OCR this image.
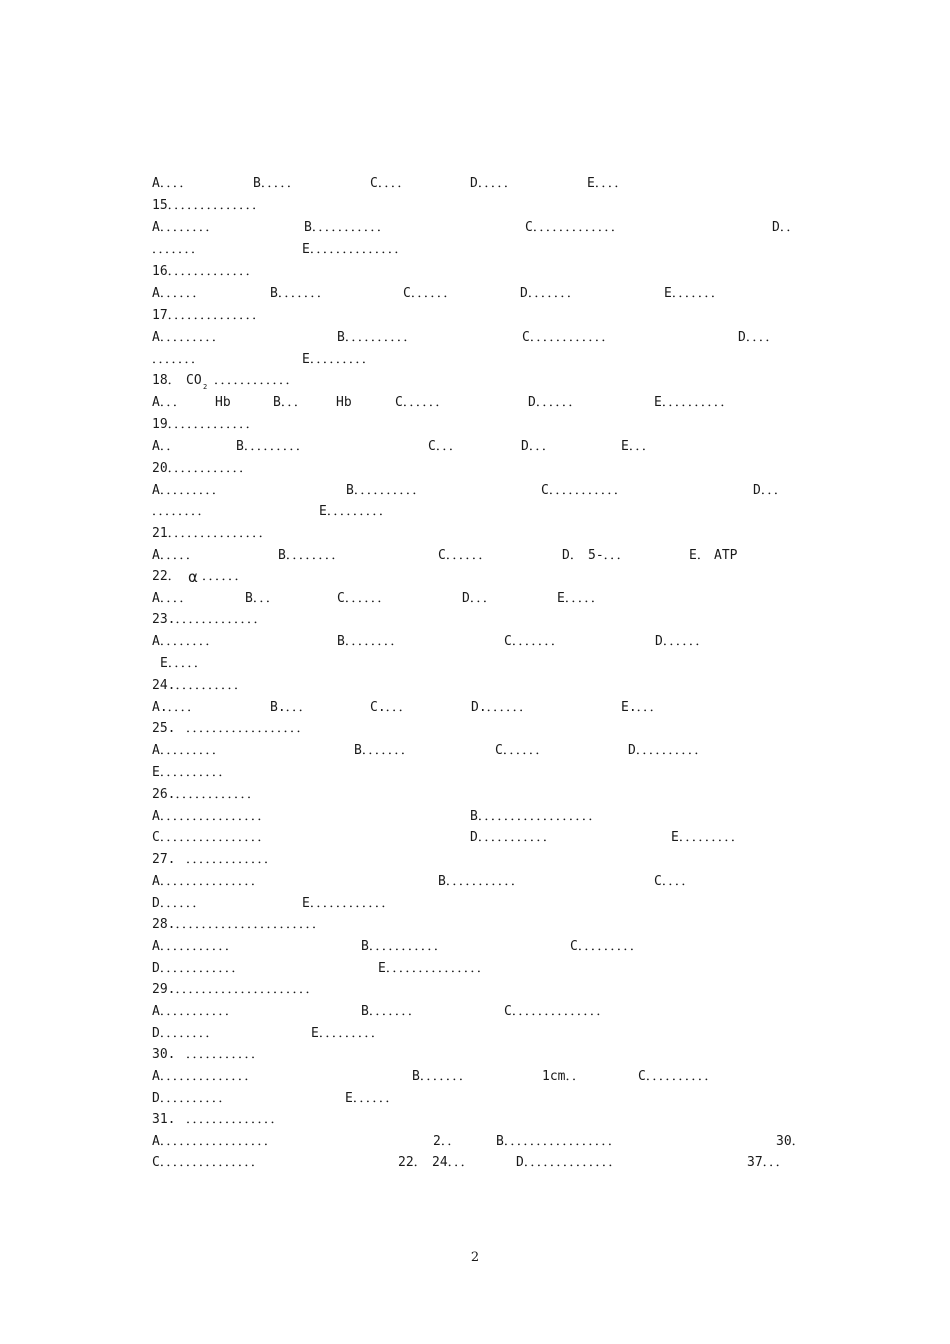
A．．．．	B．．．．．	C．．．．	D．．．．．	E．．．．
15．．．．．．．．．．．．．．
A．．．．．．．．	B．．．．．．．．．．．	C．．．．．．．．．．．．．	D．．
．．．．．．．	E．．．．．．．．．．．．．．
16．．．．．．．．．．．．．
A．．．．．．	B．．．．．．．	C．．．．．．	D．．．．．．．	E．．．．．．．
17．．．．．．．．．．．．．．
A．．．．．．．．．	B．．．．．．．．．．	C．．．．．．．．．．．．	D．．．．
．．．．．．．	E．．．．．．．．．
18． CO $_2$ ．．．．．．．．．．．．
A．．． Hb	B．．． Hb	C．．．．．．	D．．．．．．	E．．．．．．．．．．
19．．．．．．．．．．．．．
A．．	B．．．．．．．．．	C．．．	D．．．	E．．．
20．．．．．．．．．．．．
A．．．．．．．．．	B．．．．．．．．．．	C．．．．．．．．．．．	D．．．
．．．．．．．．	E．．．．．．．．．
21．．．．．．．．．．．．．．．
A．．．．．	B．．．．．．．．	C．．．．．．	D． 5-．．．	E． ATP
22． α ．．．．．．
A．．．．	B．．．	C．．．．．．	D．．．	E．．．．．
23.．．．．．．．．．．．．．
A．．．．．．．．	B．．．．．．．．	C．．．．．．．	D．．．．．．
E．．．．．
24.．．．．．．．．．．
A.．．．．	B.．．．	C.．．．	D.．．．．．．	E.．．．
25. ．．．．．．．．．．．．．．．．．．
A．．．．．．．．．	B．．．．．．．	C．．．．．．	D．．．．．．．．．．
E．．．．．．．．．．
26.．．．．．．．．．．．．
A．．．．．．．．．．．．．．．．	B．．．．．．．．．．．．．．．．．．
C．．．．．．．．．．．．．．．．	D．．．．．．．．．．．	E．．．．．．．．．
27. ．．．．．．．．．．．．．
A．．．．．．．．．．．．．．．	B．．．．．．．．．．．	C．．．．
D．．．．．．	E．．．．．．．．．．．．
28.．．．．．．．．．．．．．．．．．．．．．．
A．．．．．．．．．．．	B．．．．．．．．．．．	C．．．．．．．．．
D．．．．．．．．．．．．	E．．．．．．．．．．．．．．．
29.．．．．．．．．．．．．．．．．．．．．．
A．．．．．．．．．．．	B．．．．．．．	C．．．．．．．．．．．．．．
D．．．．．．．．	E．．．．．．．．．
30. ．．．．．．．．．．．
A．．．．．．．．．．．．．．	B．．．．．．．	1cm．．	C．．．．．．．．．．
D．．．．．．．．．．	E．．．．．．
31. ．．．．．．．．．．．．．．
A．．．．．．．．．．．．．．．．．	2．．	B．．．．．．．．．．．．．．．．．	30．
C．．．．．．．．．．．．．．．	22． 24．．．	D．．．．．．．．．．．．．．	37．．．
2
